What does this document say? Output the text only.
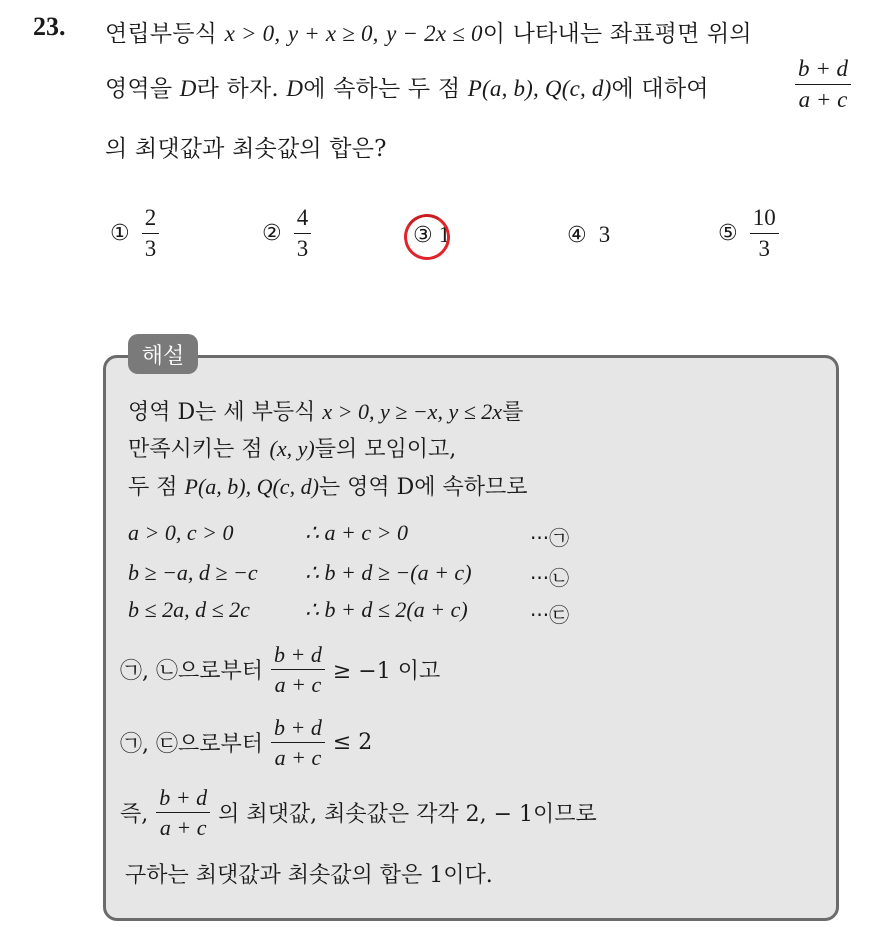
23. 연립부등식 x > 0, y + x ≥ 0, y − 2x ≤ 0이 나타내는 좌표평면 위의
영역을 D라 하자. D에 속하는 두 점 P(a, b), Q(c, d)에 대하여	$\frac{b + d}{a + c}$
의 최댓값과 최솟값의 합은?
① $\frac{2}{3}$	② $\frac{4}{3}$	③ 1	④ 3	⑤ $\frac{10}{3}$
해설
영역 D는 세 부등식 x > 0, y ≥ −x, y ≤ 2x를
만족시키는 점 (x, y)들의 모임이고,
두 점 P(a, b), Q(c, d)는 영역 D에 속하므로
a > 0, c > 0	∴ a + c > 0	···㉠
b ≥ −a, d ≥ −c ∴ b + d ≥ −(a + c)	···㉡
b ≤ 2a, d ≤ 2c	∴ b + d ≤ 2(a + c)	···㉢
㉠, ㉡으로부터 $\frac{b + d}{a + c} \ge -1$ 이고
㉠, ㉢으로부터 $\frac{b + d}{a + c} \le 2$
즉, $\frac{b + d}{a + c}$ 의 최댓값, 최솟값은 각각 2, − 1이므로
구하는 최댓값과 최솟값의 합은 1이다.
